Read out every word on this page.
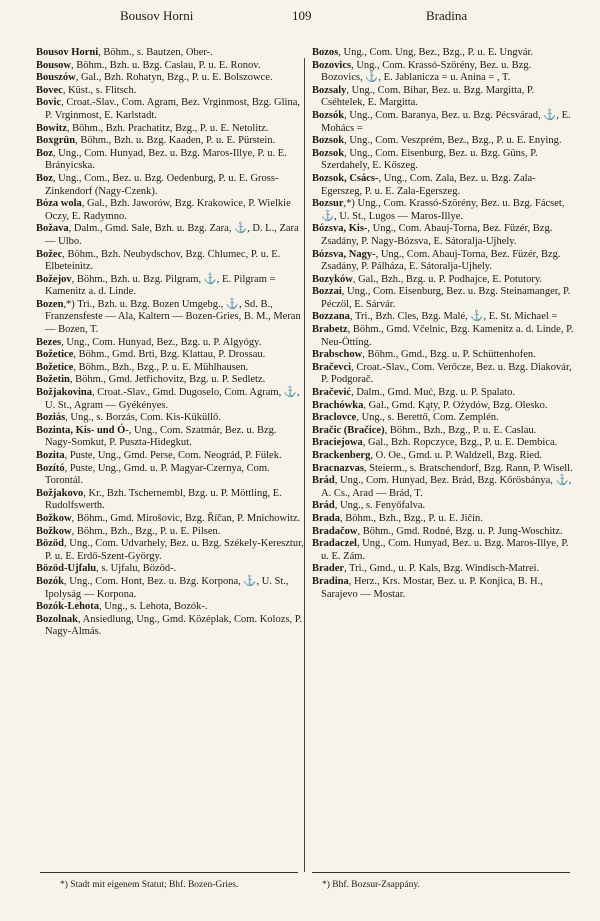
Bousov Horni	109	Bradina

Bousov Horni, Böhm., s. Bautzen, Ober-.

Bousow, Böhm., Bzh. u. Bzg. Caslau, P. u. E. Ronov.

Bouszów, Gal., Bzh. Rohatyn, Bzg., P. u. E. Bolszowce.

Bovec, Küst., s. Flitsch.

Bovic, Croat.-Slav., Com. Agram, Bez. Vrginmost, Bzg. Glina, P. Vrginmost, E. Karlstadt.

Bowitz, Böhm., Bzh. Prachatitz, Bzg., P. u. E. Netolitz.

Boxgrün, Böhm., Bzh. u. Bzg. Kaaden, P. u. E. Pürstein.

Boz, Ung., Com. Hunyad, Bez. u. Bzg. Maros-Illye, P. u. E. Brányicska.

Boz, Ung., Com., Bez. u. Bzg. Oedenburg, P. u. E. Gross-Zinkendorf (Nagy-Czenk).

Bóza wola, Gal., Bzh. Jaworów, Bzg. Krakowice, P. Wielkie Oczy, E. Radymno.

Božava, Dalm., Gmd. Sale, Bzh. u. Bzg. Zara, ⚓, D. L., Zara — Ulbo.

Božec, Böhm., Bzh. Neubydschov, Bzg. Chlumec, P. u. E. Elbeteinitz.

Božejov, Böhm., Bzh. u. Bzg. Pilgram, ⚓, E. Pilgram = Kamenitz a. d. Linde.

Bozen,*) Tri., Bzh. u. Bzg. Bozen Umgebg., ⚓, Sd. B., Franzensfeste — Ala, Kaltern — Bozen-Gries, B. M., Meran — Bozen, T.

Bezes, Ung., Com. Hunyad, Bez., Bzg. u. P. Algyógy.

Božetice, Böhm., Gmd. Brti, Bzg. Klattau, P. Drossau.

Božetice, Böhm., Bzh., Bzg., P. u. E. Mühlhausen.

Božetin, Böhm., Gmd. Jetřichovitz, Bzg. u. P. Sedletz.

Božjakovina, Croat.-Slav., Gmd. Dugoselo, Com. Agram, ⚓, U. St., Agram — Gyékényes.

Boziás, Ung., s. Borzás, Com. Kis-Küküllő.

Bozinta, Kis- und Ó-, Ung., Com. Szatmár, Bez. u. Bzg. Nagy-Somkut, P. Puszta-Hidegkut.

Bozita, Puste, Ung., Gmd. Perse, Com. Neográd, P. Fülek.

Bozító, Puste, Ung., Gmd. u. P. Magyar-Czernya, Com. Torontál.

Božjakovo, Kr., Bzh. Tschernembl, Bzg. u. P. Möttling, E. Rudolfswerth.

Božkow, Böhm., Gmd. Mirošovic, Bzg. Říčan, P. Mnichowitz.

Božkow, Böhm., Bzh., Bzg., P. u. E. Pilsen.

Bözöd, Ung., Com. Udvarhely, Bez. u. Bzg. Székely-Keresztur, P. u. E. Erdő-Szent-György.

Bözöd-Ujfalu, s. Ujfalu, Bözöd-.

Bozók, Ung., Com. Hont, Bez. u. Bzg. Korpona, ⚓, U. St., Ipolyság — Korpona.

Bozók-Lehota, Ung., s. Lehota, Bozók-.

Bozolnak, Ansiedlung, Ung., Gmd. Középlak, Com. Kolozs, P. Nagy-Almás.

Bozos, Ung., Com. Ung, Bez., Bzg., P. u. E. Ungvár.

Bozovics, Ung., Com. Krassó-Szörény, Bez. u. Bzg. Bozovics, ⚓, E. Jablanicza = u. Anina = , T.

Bozsaly, Ung., Com. Bihar, Bez. u. Bzg. Margitta, P. Cséhtelek, E. Margitta.

Bozsók, Ung., Com. Baranya, Bez. u. Bzg. Pécsvárad, ⚓, E. Mohács =

Bozsok, Ung., Com. Veszprém, Bez., Bzg., P. u. E. Enying.

Bozsok, Ung., Com. Eisenburg, Bez. u. Bzg. Güns, P. Szerdahely, E. Kőszeg.

Bozsok, Csács-, Ung., Com. Zala, Bez. u. Bzg. Zala-Egerszeg, P. u. E. Zala-Egerszeg.

Bozsur,*) Ung., Com. Krassó-Szörény, Bez. u. Bzg. Fácset, ⚓, U. St., Lugos — Maros-Illye.

Bózsva, Kis-, Ung., Com. Abauj-Torna, Bez. Füzér, Bzg. Zsadány, P. Nagy-Bózsva, E. Sátoralja-Ujhely.

Bózsva, Nagy-, Ung., Com. Abauj-Torna, Bez. Füzér, Bzg. Zsadány, P. Pálháza, E. Sátoralja-Ujhely.

Bozyków, Gal., Bzh., Bzg. u. P. Podhajce, E. Potutory.

Bozzai, Ung., Com. Eisenburg, Bez. u. Bzg. Steinamanger, P. Péczöl, E. Sárvár.

Bozzana, Tri., Bzh. Cles, Bzg. Malé, ⚓, E. St. Michael =

Brabetz, Böhm., Gmd. Včelnic, Bzg. Kamenitz a. d. Linde, P. Neu-Ötting.

Brabschow, Böhm., Gmd., Bzg. u. P. Schüttenhofen.

Bračevci, Croat.-Slav., Com. Verőcze, Bez. u. Bzg. Diakovár, P. Podgorač.

Bračević, Dalm., Gmd. Muć, Bzg. u. P. Spalato.

Brachówka, Gal., Gmd. Kąty, P. Ożydów, Bzg. Olesko.

Braclovce, Ung., s. Berettő, Com. Zemplén.

Bračic (Bračice), Böhm., Bzh., Bzg., P. u. E. Caslau.

Braciejowa, Gal., Bzh. Ropczyce, Bzg., P. u. E. Dembica.

Brackenberg, O. Oe., Gmd. u. P. Waldzell, Bzg. Ried.

Bracnazvas, Steierm., s. Bratschendorf, Bzg. Rann, P. Wisell.

Brád, Ung., Com. Hunyad, Bez. Brád, Bzg. Kőrösbánya, ⚓, A. Cs., Arad — Brád, T.

Brád, Ung., s. Fenyőfalva.

Brada, Böhm., Bzh., Bzg., P. u. E. Jičin.

Bradačow, Böhm., Gmd. Rodné, Bzg. u. P. Jung-Woschitz.

Bradaczel, Ung., Com. Hunyad, Bez. u. Bzg. Maros-Illye, P. u. E. Zám.

Brader, Tri., Gmd., u. P. Kals, Bzg. Windisch-Matrei.

Bradina, Herz., Krs. Mostar, Bez. u. P. Konjica, B. H., Sarajevo — Mostar.

*) Stadt mit eigenem Statut; Bhf. Bozen-Gries.	*) Bhf. Bozsur-Zsappány.
